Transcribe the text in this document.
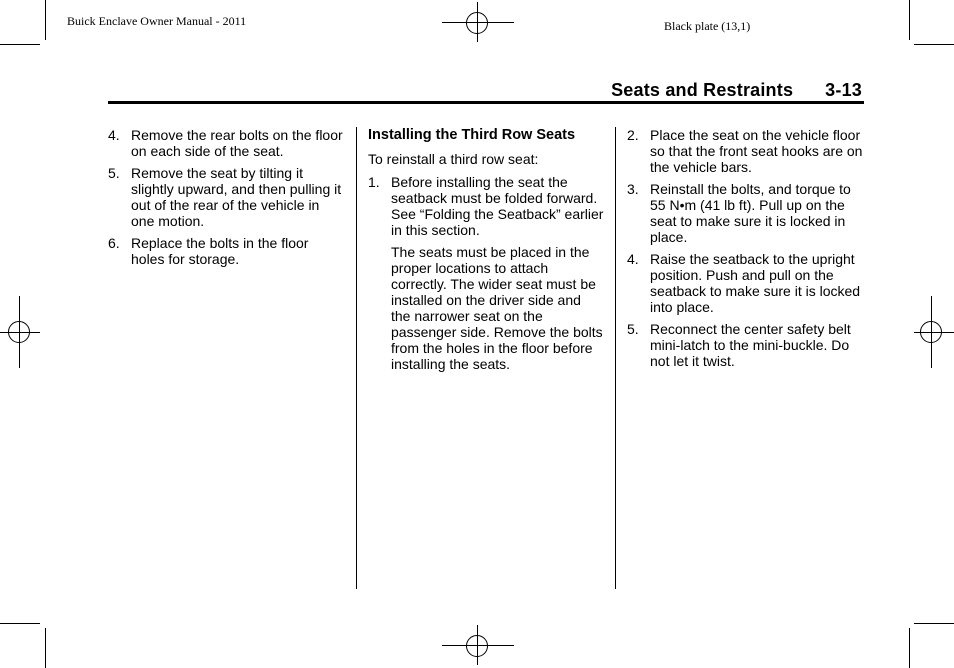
Buick Enclave Owner Manual - 2011	Black plate (13,1)
Seats and Restraints 3-13
4. Remove the rear bolts on the floor on each side of the seat.
5. Remove the seat by tilting it slightly upward, and then pulling it out of the rear of the vehicle in one motion.
6. Replace the bolts in the floor holes for storage.
Installing the Third Row Seats

To reinstall a third row seat:

1. Before installing the seat the seatback must be folded forward. See “Folding the Seatback” earlier in this section.
The seats must be placed in the proper locations to attach correctly. The wider seat must be installed on the driver side and the narrower seat on the passenger side. Remove the bolts from the holes in the floor before installing the seats.
2. Place the seat on the vehicle floor so that the front seat hooks are on the vehicle bars.
3. Reinstall the bolts, and torque to 55 N•m (41 lb ft). Pull up on the seat to make sure it is locked in place.
4. Raise the seatback to the upright position. Push and pull on the seatback to make sure it is locked into place.
5. Reconnect the center safety belt mini-latch to the mini-buckle. Do not let it twist.
